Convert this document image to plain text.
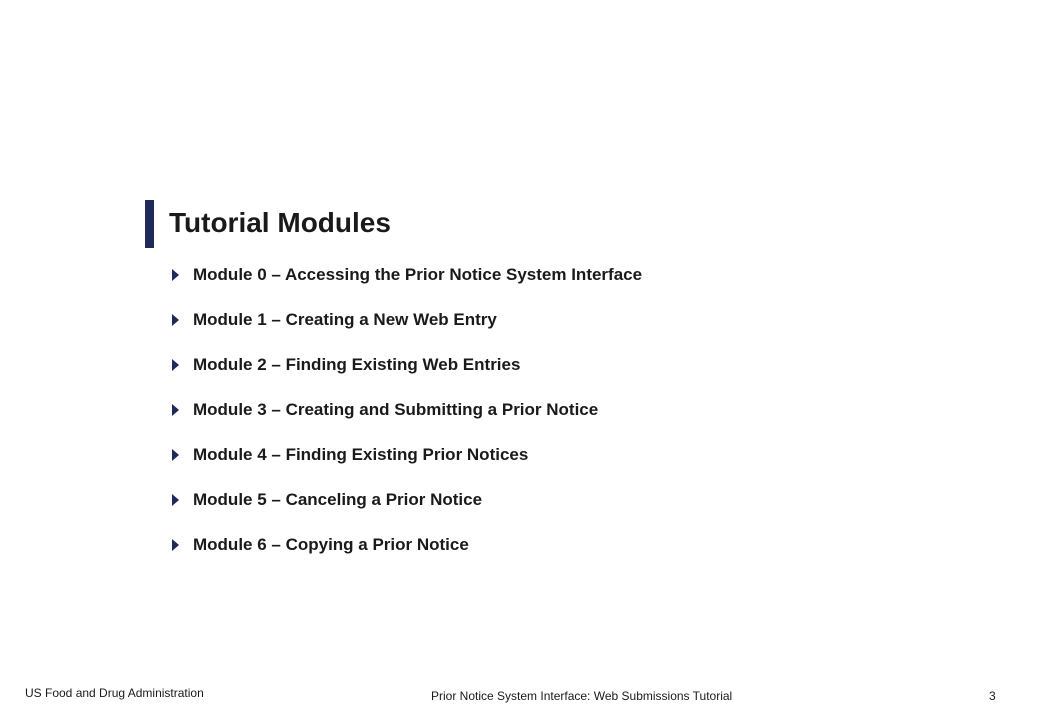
Tutorial Modules
Module 0 – Accessing the Prior Notice System Interface
Module 1 – Creating a New Web Entry
Module 2 – Finding Existing Web Entries
Module 3 – Creating and Submitting a Prior Notice
Module 4 – Finding Existing Prior Notices
Module 5 – Canceling a Prior Notice
Module 6 – Copying a Prior Notice
US Food and Drug Administration	Prior Notice System Interface: Web Submissions Tutorial	3
